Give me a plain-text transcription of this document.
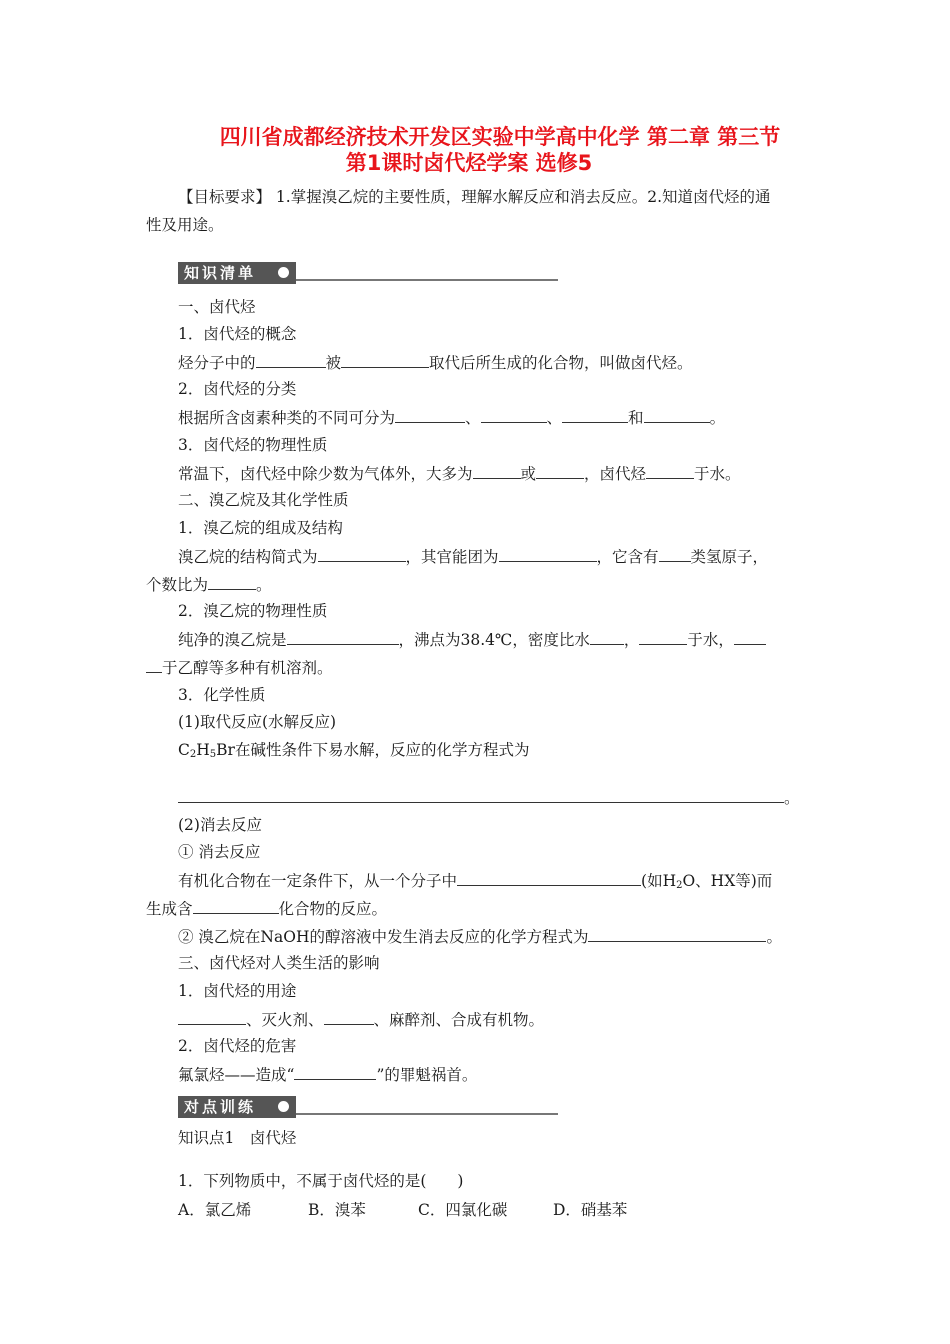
四川省成都经济技术开发区实验中学高中化学 第二章 第三节
第1课时卤代烃学案 选修5
【目标要求】 1.掌握溴乙烷的主要性质，理解水解反应和消去反应。2.知道卤代烃的通
性及用途。
知识清单
一、卤代烃
1．卤代烃的概念
烃分子中的	被	取代后所生成的化合物，叫做卤代烃。
2．卤代烃的分类
根据所含卤素种类的不同可分为	、	、	和	。
3．卤代烃的物理性质
常温下，卤代烃中除少数为气体外，大多为	或	，卤代烃	于水。
二、溴乙烷及其化学性质
1．溴乙烷的组成及结构
溴乙烷的结构简式为	，其官能团为	，它含有 类氢原子，
个数比为	。
2．溴乙烷的物理性质
纯净的溴乙烷是	，沸点为38.4℃，密度比水 ，	于水，
于乙醇等多种有机溶剂。
3．化学性质
(1)取代反应(水解反应)
$C_2H_5Br$在碱性条件下易水解，反应的化学方程式为
。
(2)消去反应
① 消去反应
有机化合物在一定条件下，从一个分子中	(如$H_2O$、HX等)而
生成含	化合物的反应。
② 溴乙烷在NaOH的醇溶液中发生消去反应的化学方程式为	。
三、卤代烃对人类生活的影响
1．卤代烃的用途
、灭火剂、	、麻醉剂、合成有机物。
2．卤代烃的危害
氟氯烃——造成“	”的罪魁祸首。
对点训练
知识点1　卤代烃
1．下列物质中，不属于卤代烃的是(　　)
A．氯乙烯	B．溴苯	C．四氯化碳	D．硝基苯
